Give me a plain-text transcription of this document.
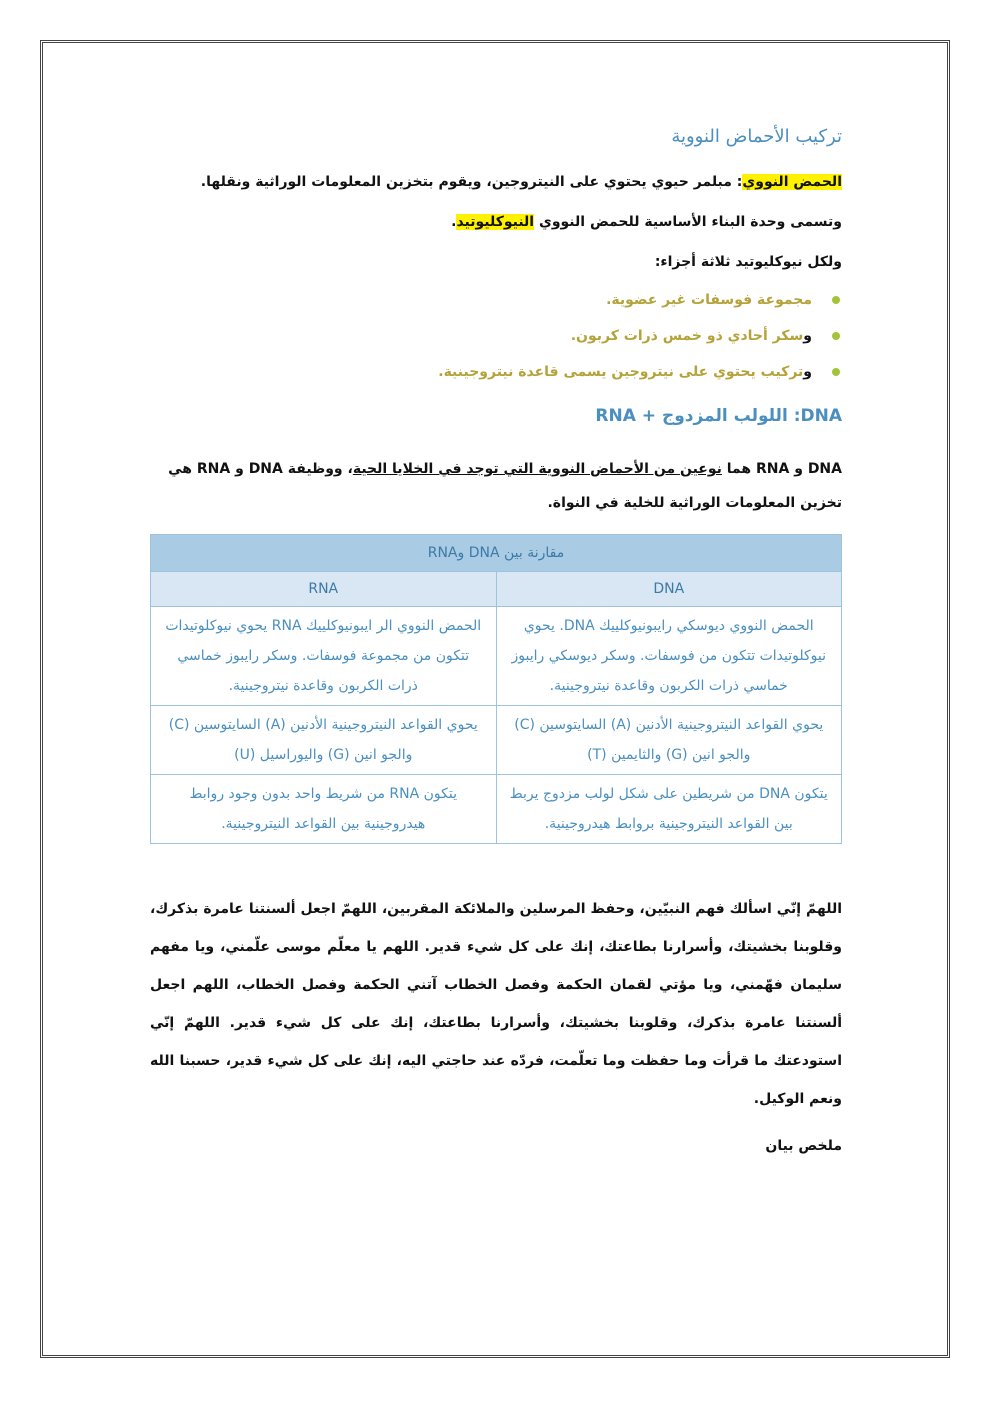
تركيب الأحماض النووية

الحمض النووي: مبلمر حيوي يحتوي على النيتروجين، ويقوم بتخزين المعلومات الوراثية ونقلها.

وتسمى وحدة البناء الأساسية للحمض النووي النيوكليوتيد.

ولكل نيوكليوتيد ثلاثة أجزاء:

مجموعة فوسفات غير عضوية.
وسكر أحادي ذو خمس ذرات كربون.
وتركيب يحتوي على نيتروجين يسمى قاعدة نيتروجينية.
DNA: اللولب المزدوج + RNA

DNA و RNA هما نوعين من الأحماض النووية التي توجد في الخلايا الحية، ووظيفة DNA و RNA هي تخزين المعلومات الوراثية للخلية في النواة.

مقارنة بين DNA وRNA	
DNA	RNA
الحمض النووي ديوسكي رايبونيوكلييك DNA. يحوي نيوكلوتيدات تتكون من فوسفات. وسكر ديوسكي رايبوز خماسي ذرات الكربون وقاعدة نيتروجينية.	الحمض النووي الر ايبونيوكلييك RNA يحوي نيوكلوتيدات تتكون من مجموعة فوسفات. وسكر رايبوز خماسي ذرات الكربون وقاعدة نيتروجينية.
يحوي القواعد النيتروجينية الأدنين (A) السايتوسين (C) والجو انين (G) والثايمين (T)	يحوي القواعد النيتروجينية الأدنين (A) السايتوسين (C) والجو انين (G) واليوراسيل (U)
يتكون DNA من شريطين على شكل لولب مزدوج يربط بين القواعد النيتروجينية بروابط هيدروجينية.	يتكون RNA من شريط واحد بدون وجود روابط هيدروجينية بين القواعد النيتروجينية.

اللهمّ إنّي اسألك فهم النبيّين، وحفظ المرسلين والملائكة المقربين، اللهمّ اجعل ألسنتنا عامرة بذكرك، وقلوبنا بخشيتك، وأسرارنا بطاعتك، إنك على كل شيء قدير. اللهم يا معلّم موسى علّمني، ويا مفهم سليمان فهّمني، ويا مؤتي لقمان الحكمة وفصل الخطاب آتني الحكمة وفصل الخطاب، اللهم اجعل ألسنتنا عامرة بذكرك، وقلوبنا بخشيتك، وأسرارنا بطاعتك، إنك على كل شيء قدير. اللهمّ إنّي استودعتك ما قرأت وما حفظت وما تعلّمت، فردّه عند حاجتي اليه، إنك على كل شيء قدير، حسبنا الله ونعم الوكيل.

ملخص بيان
